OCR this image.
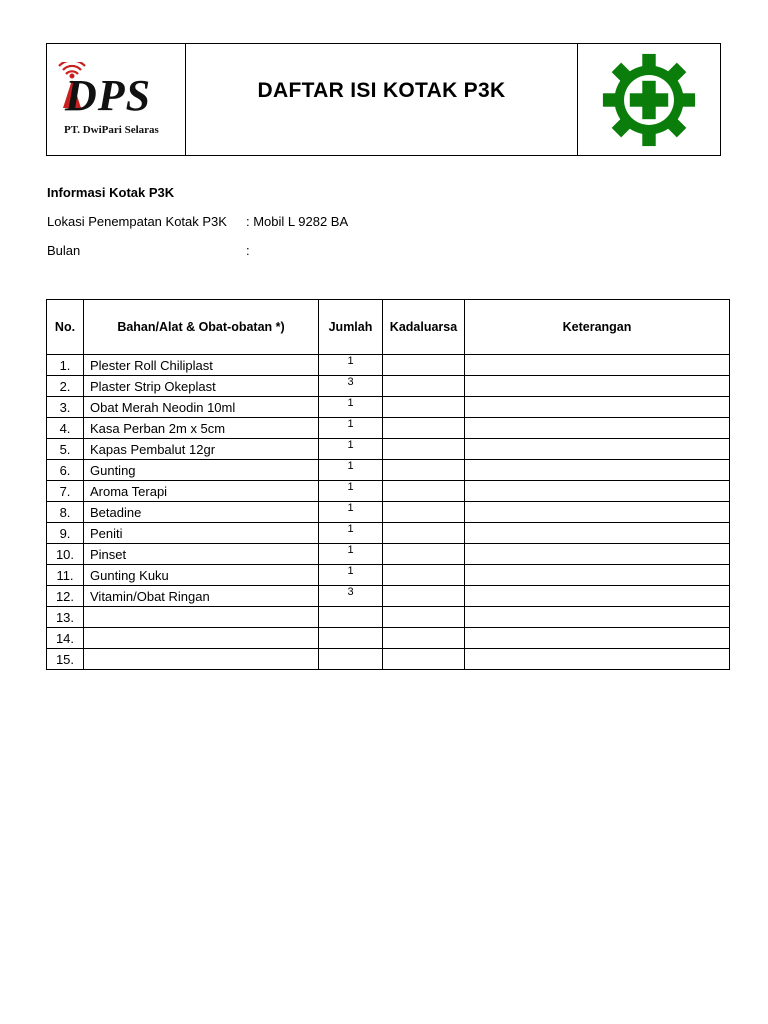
DPS
PT. DwiPari Selaras
DAFTAR ISI KOTAK P3K
Informasi Kotak P3K
Lokasi Penempatan Kotak P3K	: Mobil L 9282 BA
Bulan	:
No.	Bahan/Alat & Obat-obatan *)	Jumlah	Kadaluarsa	Keterangan
1.	Plester Roll Chiliplast	1		
2.	Plaster Strip Okeplast	3		
3.	Obat Merah Neodin 10ml	1		
4.	Kasa Perban 2m x 5cm	1		
5.	Kapas Pembalut 12gr	1		
6.	Gunting	1		
7.	Aroma Terapi	1		
8.	Betadine	1		
9.	Peniti	1		
10.	Pinset	1		
11.	Gunting Kuku	1		
12.	Vitamin/Obat Ringan	3		
13.				
14.				
15.				
